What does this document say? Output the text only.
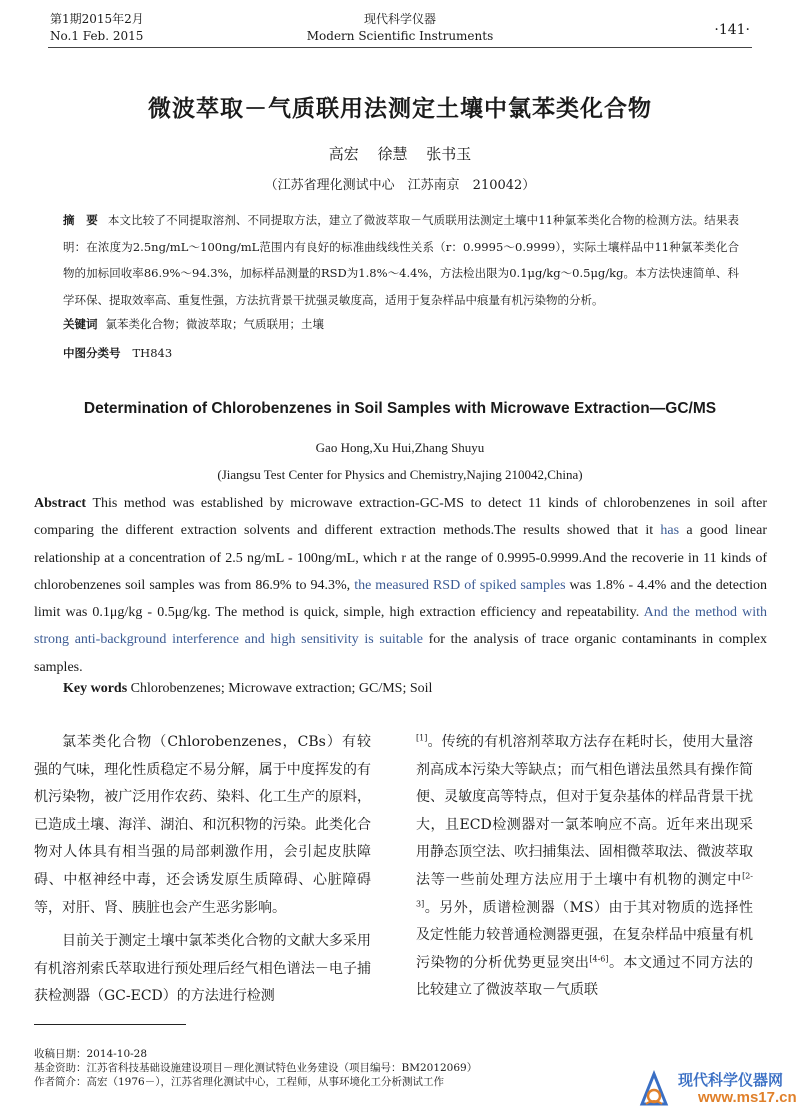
第1期2015年2月
No.1 Feb. 2015
现代科学仪器
Modern Scientific Instruments	·141·
微波萃取－气质联用法测定土壤中氯苯类化合物
高宏 徐慧 张书玉
（江苏省理化测试中心　江苏南京　210042）
摘　要 本文比较了不同提取溶剂、不同提取方法，建立了微波萃取－气质联用法测定土壤中11种氯苯类化合物的检测方法。结果表明：在浓度为2.5ng/mL～100ng/mL范围内有良好的标准曲线线性关系（r：0.9995～0.9999），实际土壤样品中11种氯苯类化合物的加标回收率86.9%～94.3%，加标样品测量的RSD为1.8%～4.4%，方法检出限为0.1μg/kg～0.5μg/kg。本方法快速简单、科学环保、提取效率高、重复性强，方法抗背景干扰强灵敏度高，适用于复杂样品中痕量有机污染物的分析。
关键词 氯苯类化合物；微波萃取；气质联用；土壤
中图分类号 TH843
Determination of Chlorobenzenes in Soil Samples with Microwave Extraction—GC/MS
Gao Hong,Xu Hui,Zhang Shuyu
(Jiangsu Test Center for Physics and Chemistry,Najing 210042,China)
Abstract This method was established by microwave extraction-GC-MS to detect 11 kinds of chlorobenzenes in soil after comparing the different extraction solvents and different extraction methods.The results showed that it has a good linear relationship at a concentration of 2.5 ng/mL - 100ng/mL, which r at the range of 0.9995-0.9999.And the recoverie in 11 kinds of chlorobenzenes soil samples was from 86.9% to 94.3%, the measured RSD of spiked samples was 1.8% - 4.4% and the detection limit was 0.1μg/kg - 0.5μg/kg. The method is quick, simple, high extraction efficiency and repeatability. And the method with strong anti-background interference and high sensitivity is suitable for the analysis of trace organic contaminants in complex samples.
Key words Chlorobenzenes; Microwave extraction; GC/MS; Soil

氯苯类化合物（Chlorobenzenes，CBs）有较强的气味，理化性质稳定不易分解，属于中度挥发的有机污染物，被广泛用作农药、染料、化工生产的原料，已造成土壤、海洋、湖泊、和沉积物的污染。此类化合物对人体具有相当强的局部刺激作用，会引起皮肤障碍、中枢神经中毒，还会诱发原生质障碍、心脏障碍等，对肝、肾、胰脏也会产生恶劣影响。

目前关于测定土壤中氯苯类化合物的文献大多采用有机溶剂索氏萃取进行预处理后经气相色谱法－电子捕获检测器（GC-ECD）的方法进行检测

[1]。传统的有机溶剂萃取方法存在耗时长，使用大量溶剂高成本污染大等缺点；而气相色谱法虽然具有操作简便、灵敏度高等特点，但对于复杂基体的样品背景干扰大，且ECD检测器对一氯苯响应不高。近年来出现采用静态顶空法、吹扫捕集法、固相微萃取法、微波萃取法等一些前处理方法应用于土壤中有机物的测定中[2-3]。另外，质谱检测器（MS）由于其对物质的选择性及定性能力较普通检测器更强，在复杂样品中痕量有机污染物的分析优势更显突出[4-6]。本文通过不同方法的比较建立了微波萃取－气质联

收稿日期：2014-10-28
基金资助：江苏省科技基础设施建设项目－理化测试特色业务建设（项目编号：BM2012069）
作者简介：高宏（1976－），江苏省理化测试中心，工程师，从事环境化工分析测试工作	现代科学仪器网
www.ms17.cn
